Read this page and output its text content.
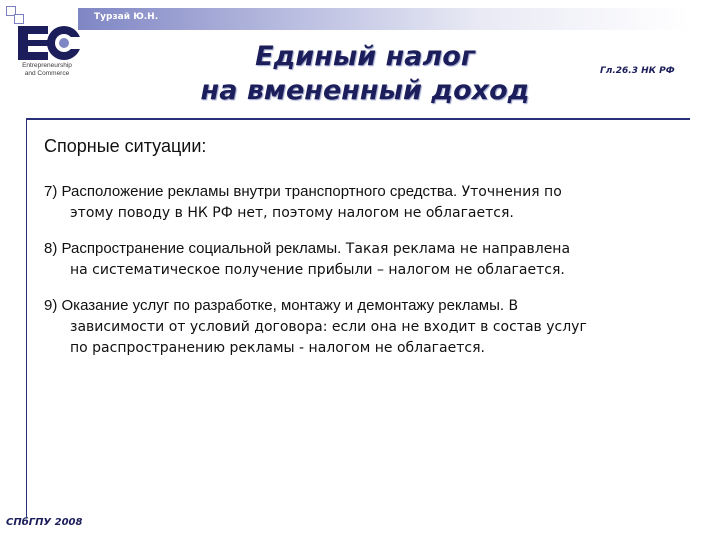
Турзай Ю.Н.
Entrepreneurship
and Commerce
Единый налог
на вмененный доход
Гл.26.3 НК РФ
Спорные ситуации:
7) Расположение рекламы внутри транспортного средства. Уточнения по
этому поводу в НК РФ нет, поэтому налогом не облагается.
8) Распространение социальной рекламы. Такая реклама не направлена
на систематическое получение прибыли – налогом не облагается.
9) Оказание услуг по разработке, монтажу и демонтажу рекламы. В
зависимости от условий договора: если она не входит в состав услуг
по распространению рекламы - налогом не облагается.
СПбГПУ 2008
